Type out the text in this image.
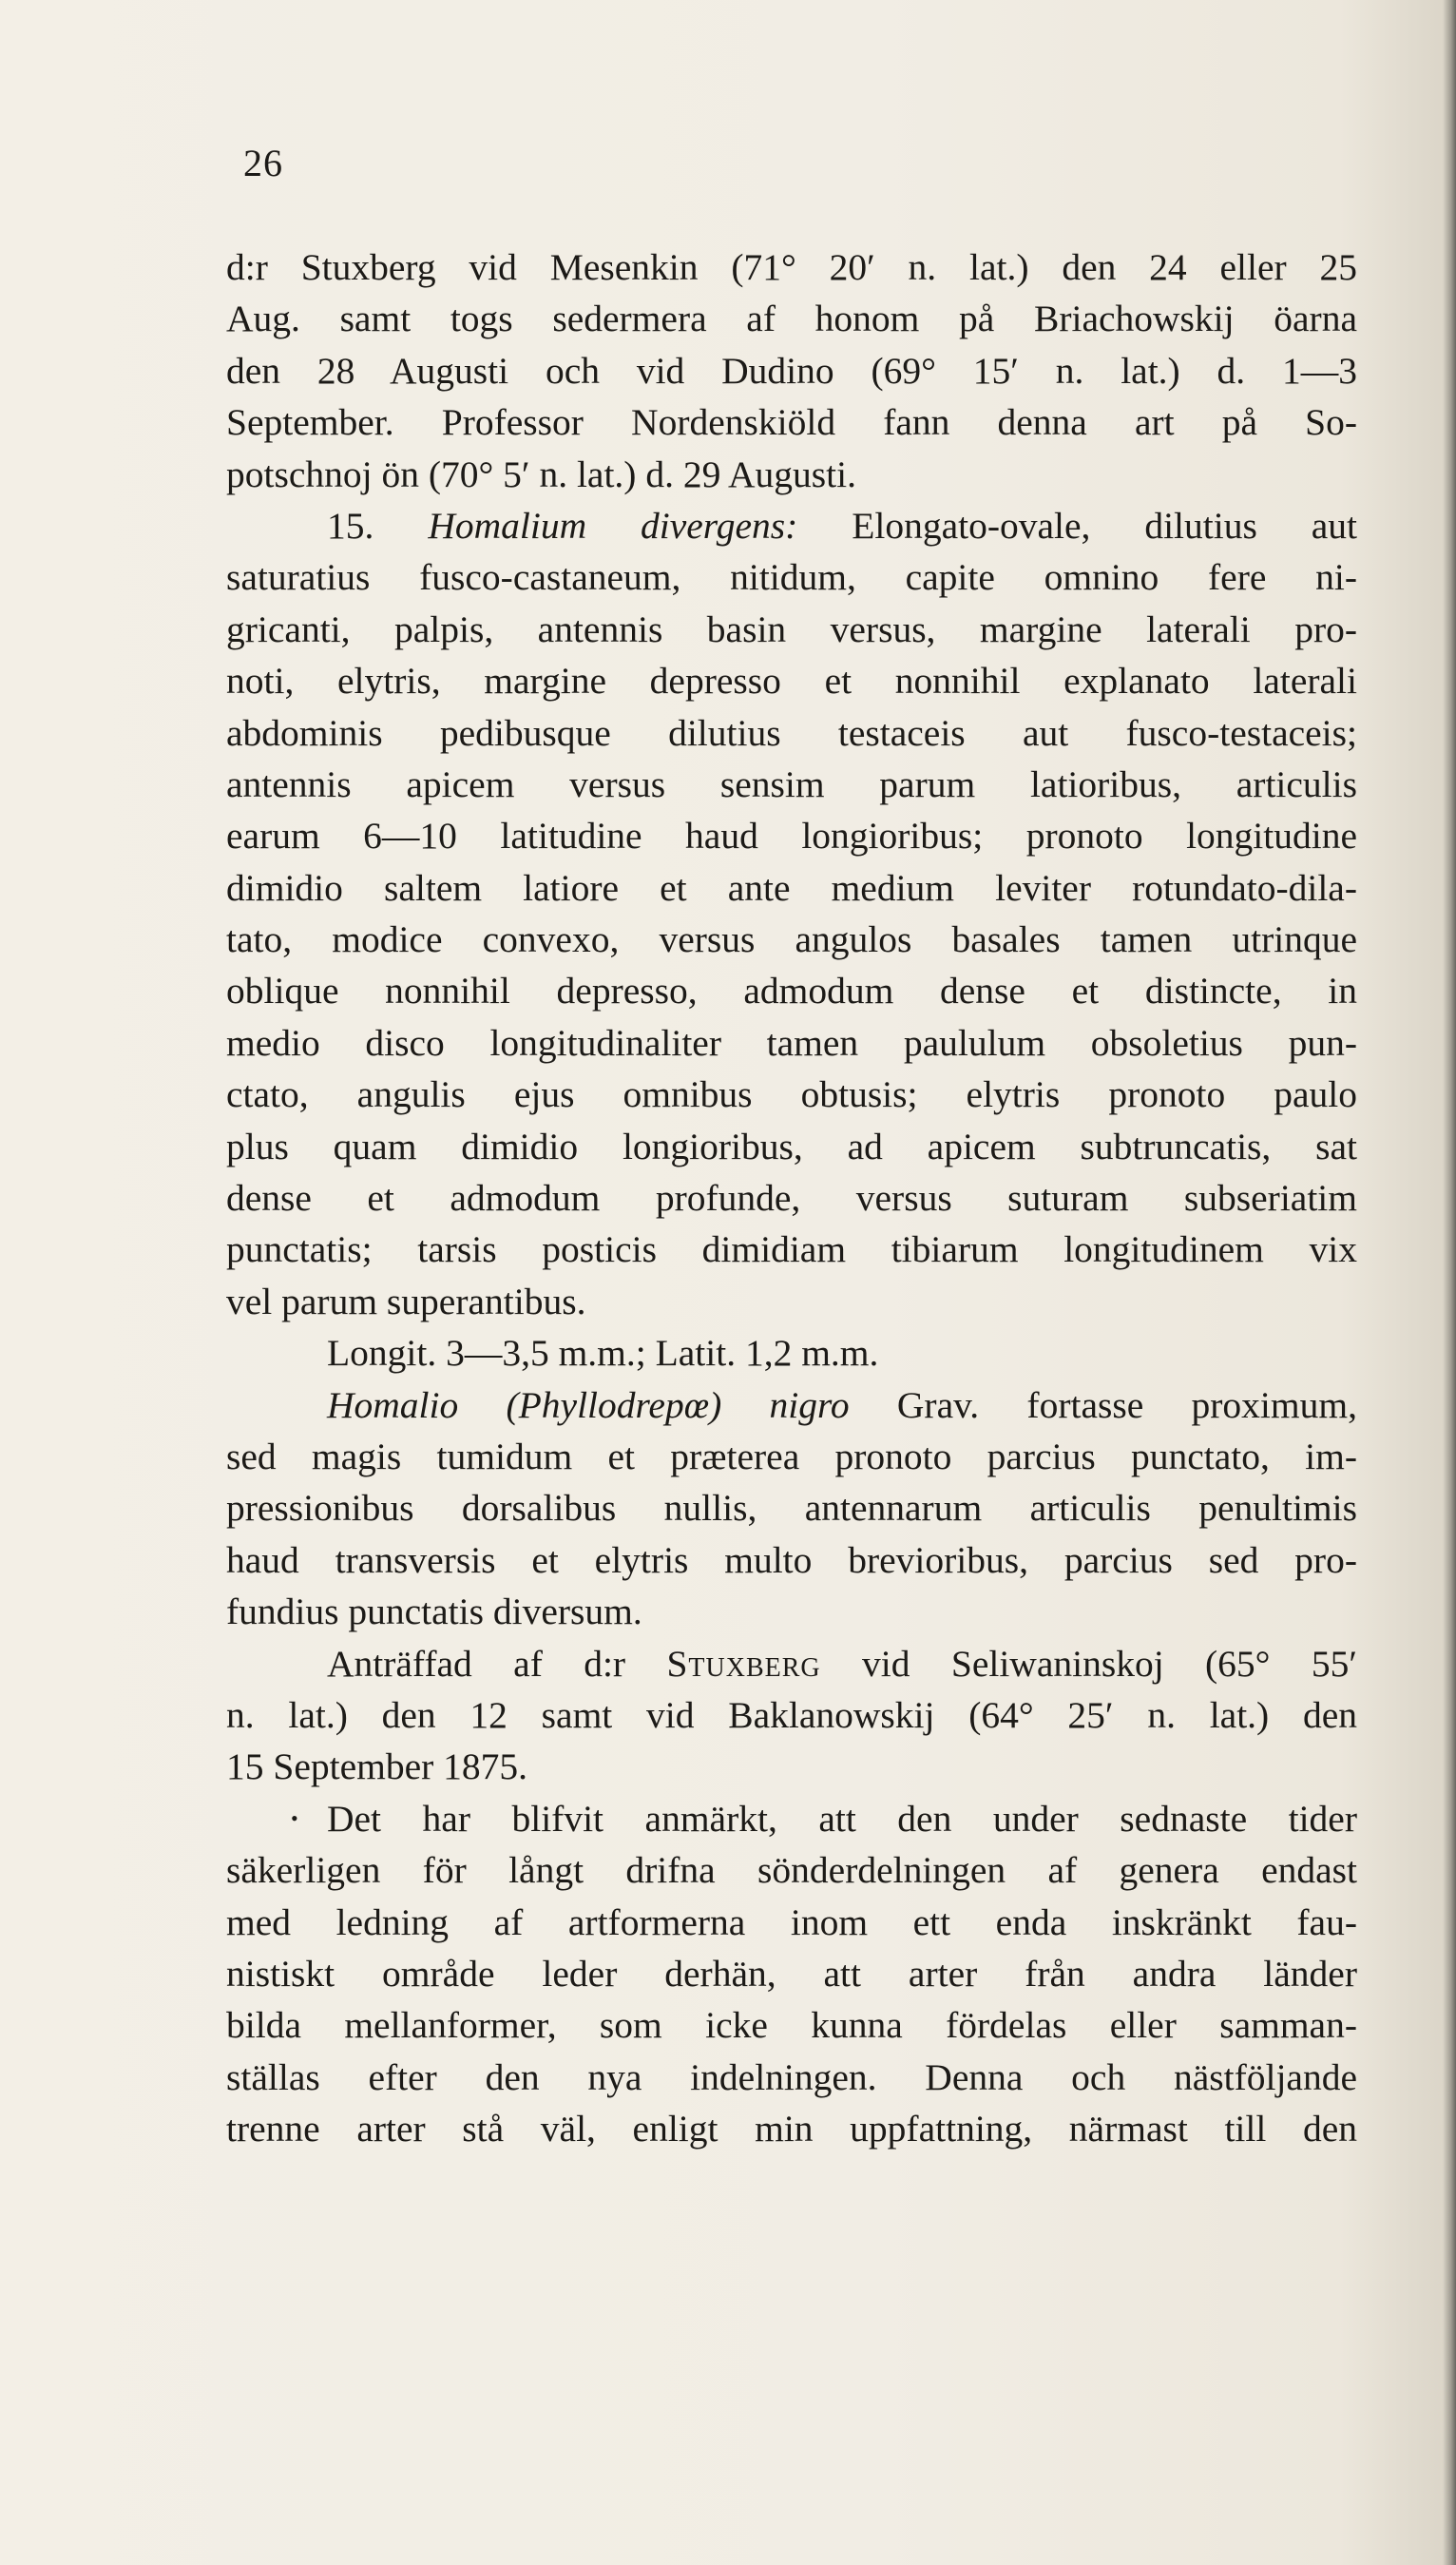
26
d:r Stuxberg vid Mesenkin (71° 20′ n. lat.) den 24 eller 25
Aug. samt togs sedermera af honom på Briachowskij öarna
den 28 Augusti och vid Dudino (69° 15′ n. lat.) d. 1—3
September. Professor Nordenskiöld fann denna art på So-
potschnoj ön (70° 5′ n. lat.) d. 29 Augusti.
15. Homalium divergens: Elongato-ovale, dilutius aut
saturatius fusco-castaneum, nitidum, capite omnino fere ni-
gricanti, palpis, antennis basin versus, margine laterali pro-
noti, elytris, margine depresso et nonnihil explanato laterali
abdominis pedibusque dilutius testaceis aut fusco-testaceis;
antennis apicem versus sensim parum latioribus, articulis
earum 6—10 latitudine haud longioribus; pronoto longitudine
dimidio saltem latiore et ante medium leviter rotundato-dila-
tato, modice convexo, versus angulos basales tamen utrinque
oblique nonnihil depresso, admodum dense et distincte, in
medio disco longitudinaliter tamen paululum obsoletius pun-
ctato, angulis ejus omnibus obtusis; elytris pronoto paulo
plus quam dimidio longioribus, ad apicem subtruncatis, sat
dense et admodum profunde, versus suturam subseriatim
punctatis; tarsis posticis dimidiam tibiarum longitudinem vix
vel parum superantibus.
Longit. 3—3,5 m.m.; Latit. 1,2 m.m.
Homalio (Phyllodrepœ) nigro Grav. fortasse proximum,
sed magis tumidum et præterea pronoto parcius punctato, im-
pressionibus dorsalibus nullis, antennarum articulis penultimis
haud transversis et elytris multo brevioribus, parcius sed pro-
fundius punctatis diversum.
Anträffad af d:r Stuxberg vid Seliwaninskoj (65° 55′
n. lat.) den 12 samt vid Baklanowskij (64° 25′ n. lat.) den
15 September 1875.
• Det har blifvit anmärkt, att den under sednaste tider
säkerligen för långt drifna sönderdelningen af genera endast
med ledning af artformerna inom ett enda inskränkt fau-
nistiskt område leder derhän, att arter från andra länder
bilda mellanformer, som icke kunna fördelas eller samman-
ställas efter den nya indelningen. Denna och nästföljande
trenne arter stå väl, enligt min uppfattning, närmast till den
